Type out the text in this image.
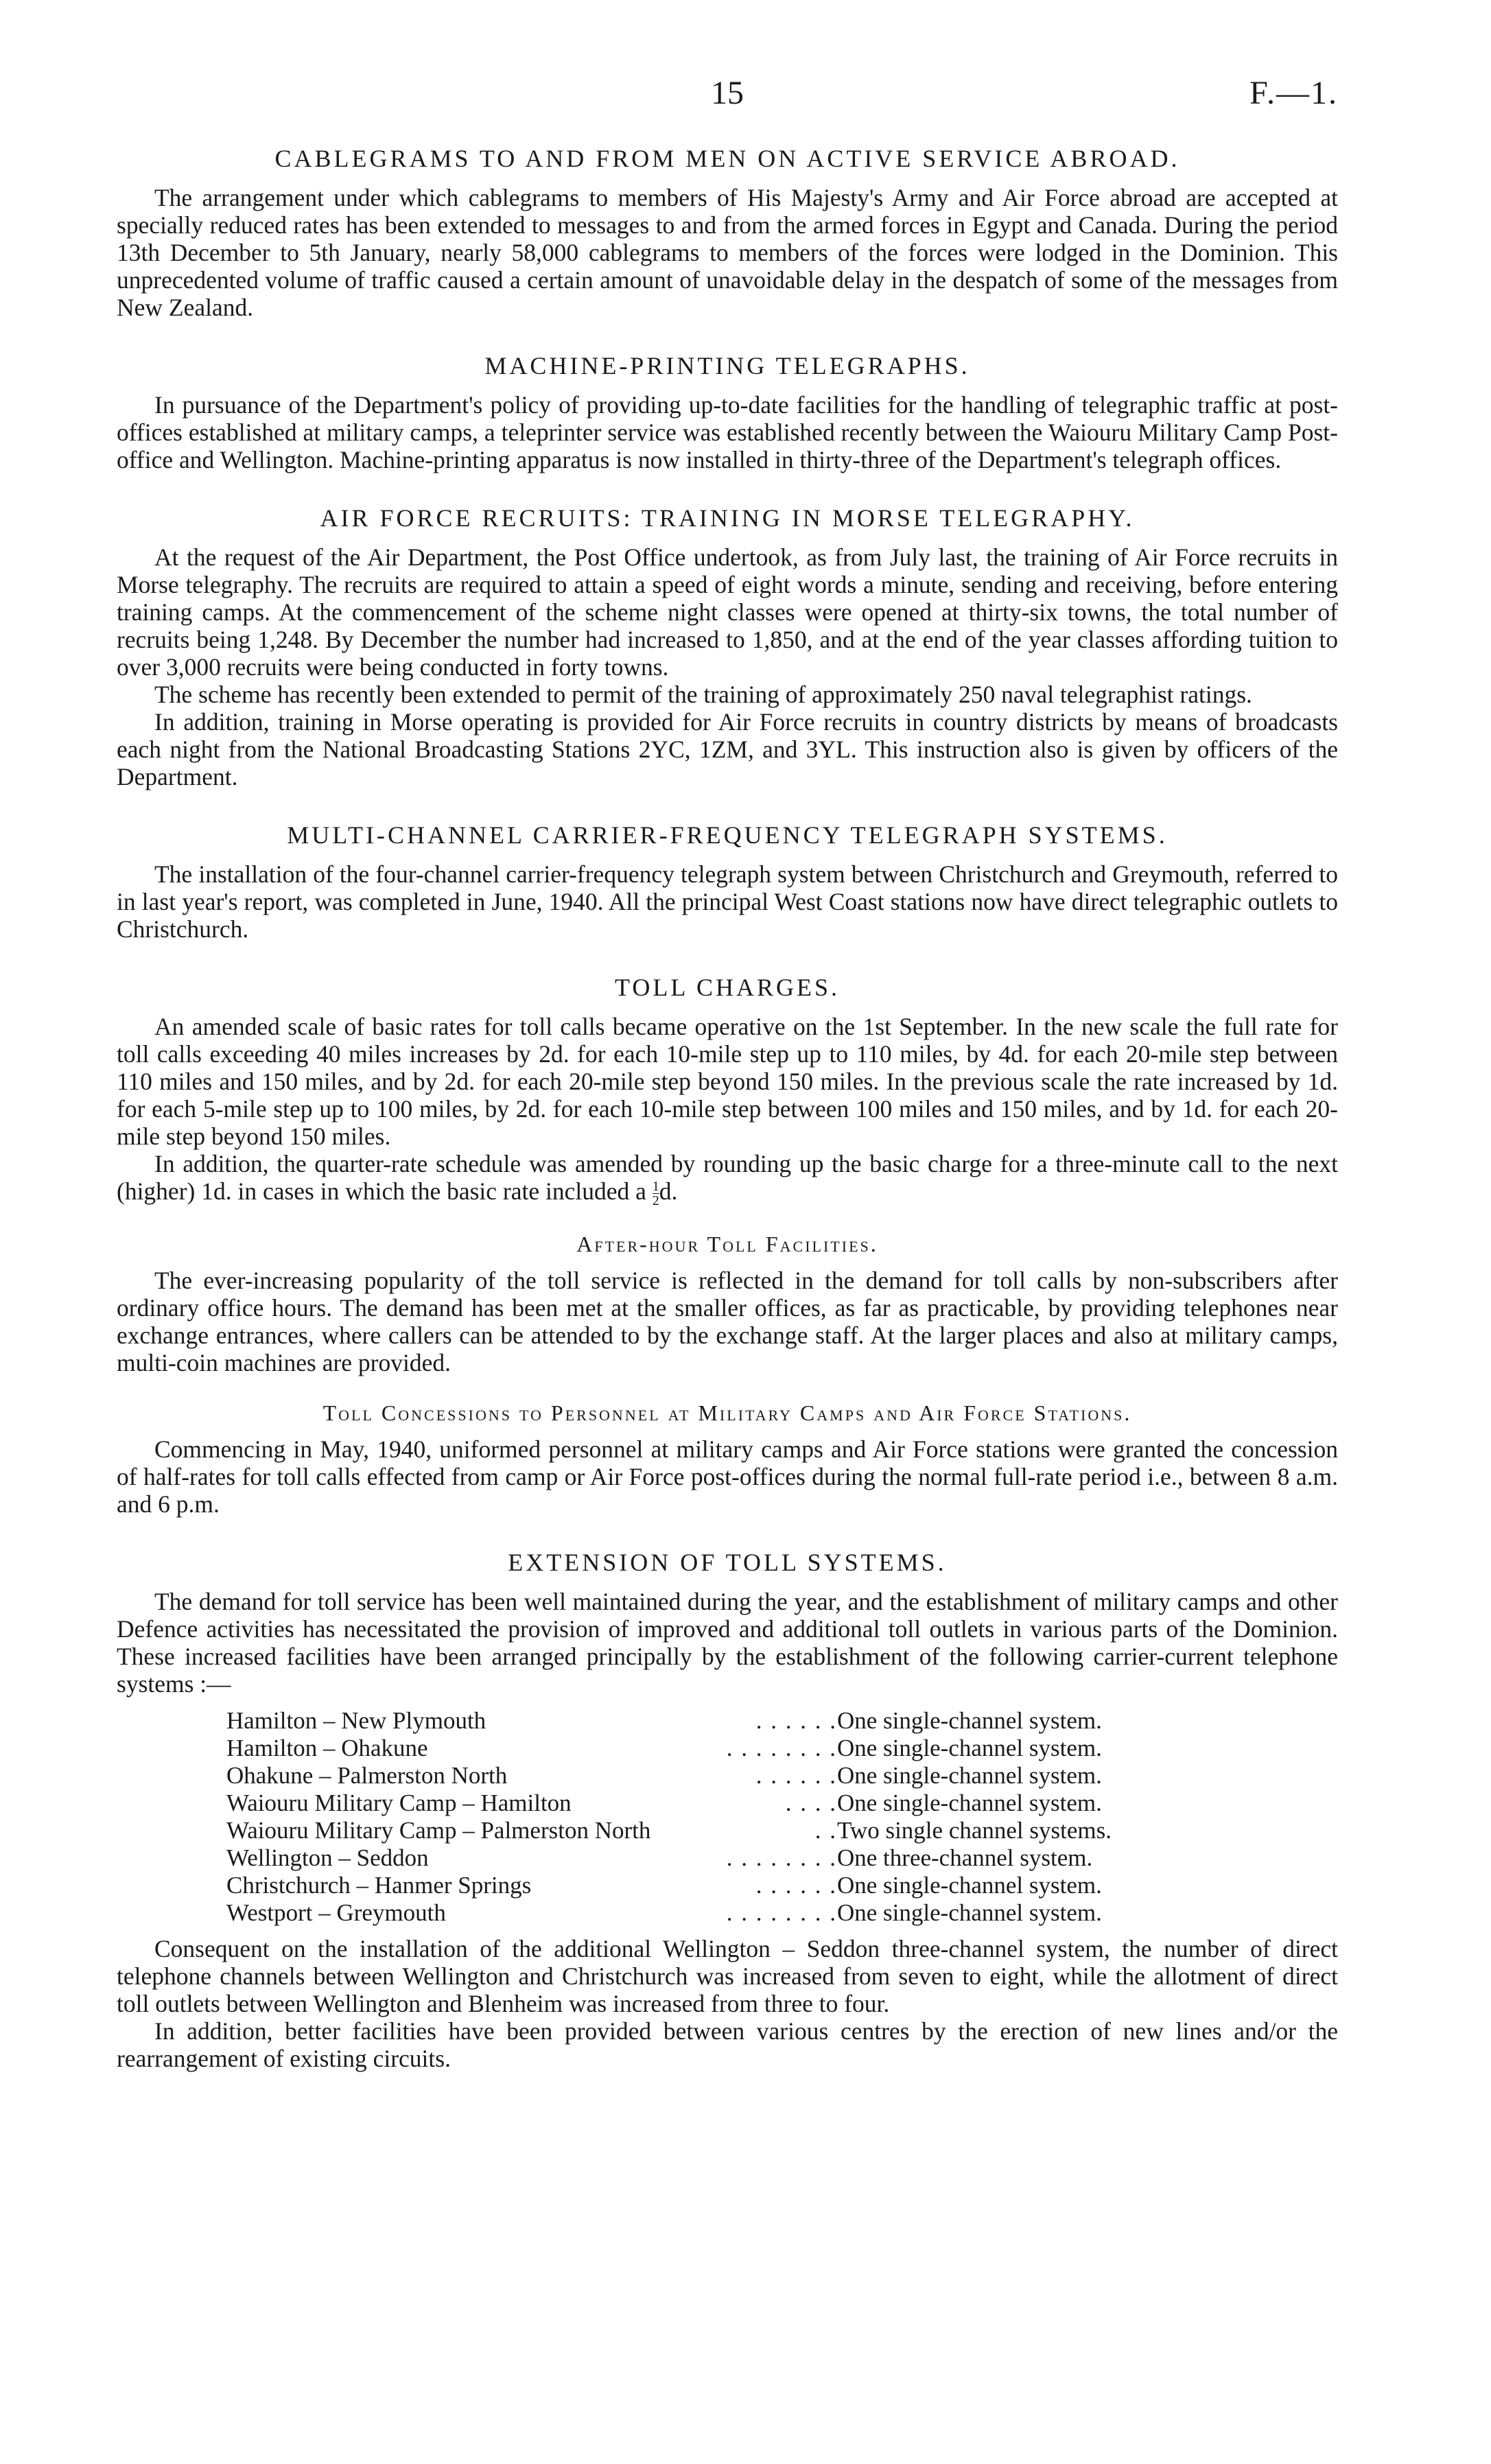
15	F.—1.
CABLEGRAMS TO AND FROM MEN ON ACTIVE SERVICE ABROAD.

The arrangement under which cablegrams to members of His Majesty's Army and Air Force abroad are accepted at specially reduced rates has been extended to messages to and from the armed forces in Egypt and Canada. During the period 13th December to 5th January, nearly 58,000 cablegrams to members of the forces were lodged in the Dominion. This unprecedented volume of traffic caused a certain amount of unavoidable delay in the despatch of some of the messages from New Zealand.

MACHINE-PRINTING TELEGRAPHS.

In pursuance of the Department's policy of providing up-to-date facilities for the handling of telegraphic traffic at post-offices established at military camps, a teleprinter service was established recently between the Waiouru Military Camp Post-office and Wellington. Machine-printing apparatus is now installed in thirty-three of the Department's telegraph offices.

AIR FORCE RECRUITS: TRAINING IN MORSE TELEGRAPHY.

At the request of the Air Department, the Post Office undertook, as from July last, the training of Air Force recruits in Morse telegraphy. The recruits are required to attain a speed of eight words a minute, sending and receiving, before entering training camps. At the commencement of the scheme night classes were opened at thirty-six towns, the total number of recruits being 1,248. By December the number had increased to 1,850, and at the end of the year classes affording tuition to over 3,000 recruits were being conducted in forty towns.

The scheme has recently been extended to permit of the training of approximately 250 naval telegraphist ratings.

In addition, training in Morse operating is provided for Air Force recruits in country districts by means of broadcasts each night from the National Broadcasting Stations 2YC, 1ZM, and 3YL. This instruction also is given by officers of the Department.

MULTI-CHANNEL CARRIER-FREQUENCY TELEGRAPH SYSTEMS.

The installation of the four-channel carrier-frequency telegraph system between Christchurch and Greymouth, referred to in last year's report, was completed in June, 1940. All the principal West Coast stations now have direct telegraphic outlets to Christchurch.

TOLL CHARGES.

An amended scale of basic rates for toll calls became operative on the 1st September. In the new scale the full rate for toll calls exceeding 40 miles increases by 2d. for each 10-mile step up to 110 miles, by 4d. for each 20-mile step between 110 miles and 150 miles, and by 2d. for each 20-mile step beyond 150 miles. In the previous scale the rate increased by 1d. for each 5-mile step up to 100 miles, by 2d. for each 10-mile step between 100 miles and 150 miles, and by 1d. for each 20-mile step beyond 150 miles.

In addition, the quarter-rate schedule was amended by rounding up the basic charge for a three-minute call to the next (higher) 1d. in cases in which the basic rate included a $\frac{1}{2} d$.

After-hour Toll Facilities.

The ever-increasing popularity of the toll service is reflected in the demand for toll calls by non-subscribers after ordinary office hours. The demand has been met at the smaller offices, as far as practicable, by providing telephones near exchange entrances, where callers can be attended to by the exchange staff. At the larger places and also at military camps, multi-coin machines are provided.

Toll Concessions to Personnel at Military Camps and Air Force Stations.

Commencing in May, 1940, uniformed personnel at military camps and Air Force stations were granted the concession of half-rates for toll calls effected from camp or Air Force post-offices during the normal full-rate period i.e., between 8 a.m. and 6 p.m.

EXTENSION OF TOLL SYSTEMS.

The demand for toll service has been well maintained during the year, and the establishment of military camps and other Defence activities has necessitated the provision of improved and additional toll outlets in various parts of the Dominion. These increased facilities have been arranged principally by the establishment of the following carrier-current telephone systems :—

Hamilton – New Plymouth	. . . . . .	One single-channel system.
Hamilton – Ohakune	. . . . . . . .	One single-channel system.
Ohakune – Palmerston North	. . . . . .	One single-channel system.
Waiouru Military Camp – Hamilton	. . . .	One single-channel system.
Waiouru Military Camp – Palmerston North	. .	Two single channel systems.
Wellington – Seddon	. . . . . . . .	One three-channel system.
Christchurch – Hanmer Springs	. . . . . .	One single-channel system.
Westport – Greymouth	. . . . . . . .	One single-channel system.

Consequent on the installation of the additional Wellington – Seddon three-channel system, the number of direct telephone channels between Wellington and Christchurch was increased from seven to eight, while the allotment of direct toll outlets between Wellington and Blenheim was increased from three to four.

In addition, better facilities have been provided between various centres by the erection of new lines and/or the rearrangement of existing circuits.
